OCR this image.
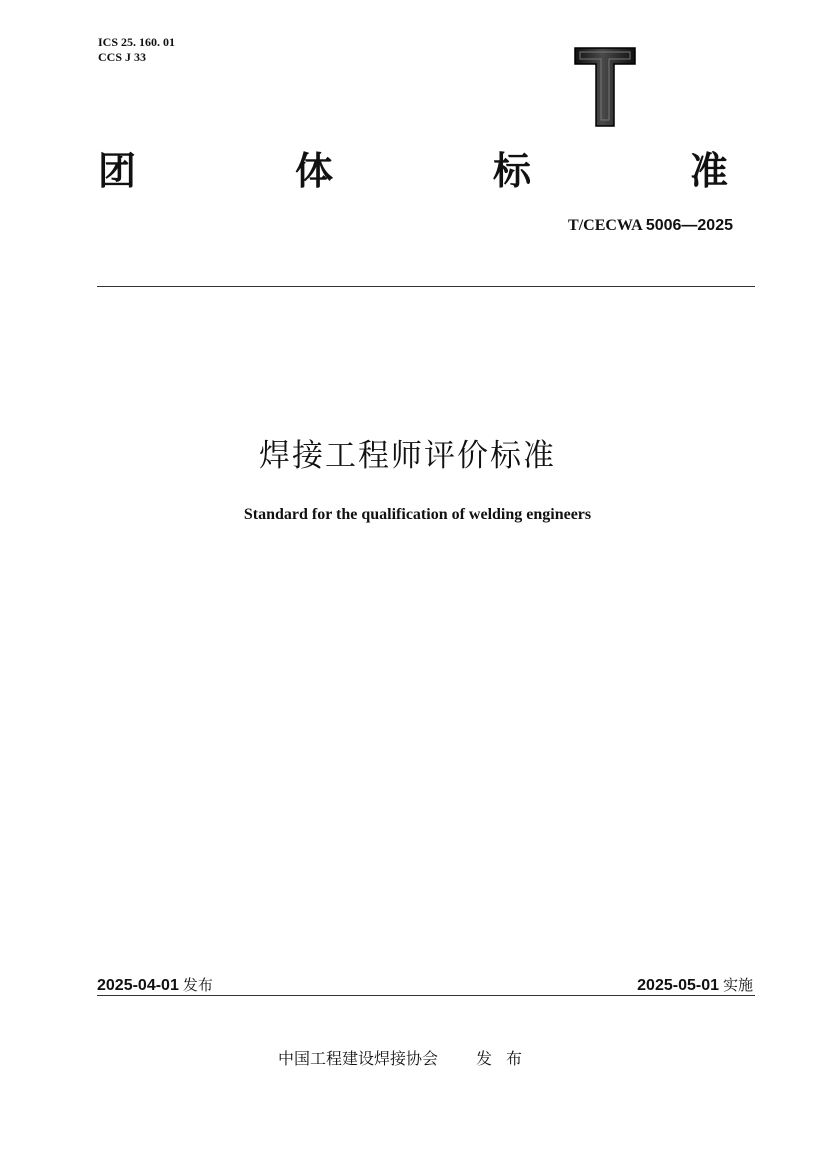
ICS 25. 160. 01
CCS J 33
团	体	标	准
T/CECWA 5006—2025
焊接工程师评价标准
Standard for the qualification of welding engineers
2025-04-01 发布	2025-05-01 实施
中国工程建设焊接协会 发布
